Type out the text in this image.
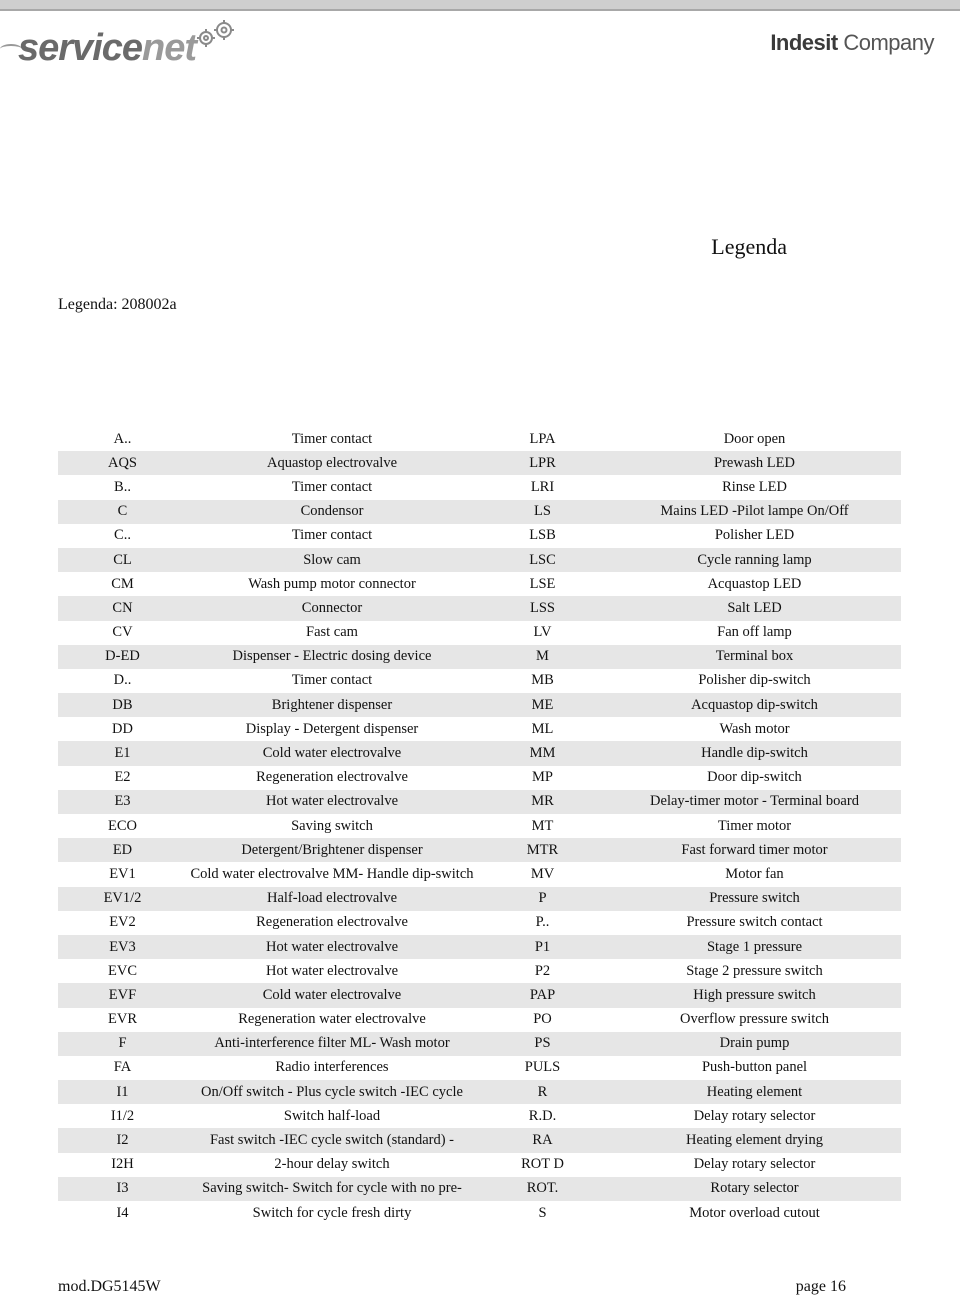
servicenet	Indesit Company
Legenda
Legenda: 208002a
A..	Timer contact	LPA	Door open
AQS	Aquastop electrovalve	LPR	Prewash LED
B..	Timer contact	LRI	Rinse LED
C	Condensor	LS	Mains LED -Pilot lampe On/Off
C..	Timer contact	LSB	Polisher LED
CL	Slow cam	LSC	Cycle ranning lamp
CM	Wash pump motor connector	LSE	Acquastop LED
CN	Connector	LSS	Salt LED
CV	Fast cam	LV	Fan off lamp
D-ED	Dispenser - Electric dosing device	M	Terminal box
D..	Timer contact	MB	Polisher dip-switch
DB	Brightener dispenser	ME	Acquastop dip-switch
DD	Display - Detergent dispenser	ML	Wash motor
E1	Cold water electrovalve	MM	Handle dip-switch
E2	Regeneration electrovalve	MP	Door dip-switch
E3	Hot water electrovalve	MR	Delay-timer motor - Terminal board
ECO	Saving switch	MT	Timer motor
ED	Detergent/Brightener dispenser	MTR	Fast forward timer motor
EV1	Cold water electrovalve MM- Handle dip-switch	MV	Motor fan
EV1/2	Half-load electrovalve	P	Pressure switch
EV2	Regeneration electrovalve	P..	Pressure switch contact
EV3	Hot water electrovalve	P1	Stage 1 pressure
EVC	Hot water electrovalve	P2	Stage 2 pressure switch
EVF	Cold water electrovalve	PAP	High pressure switch
EVR	Regeneration water electrovalve	PO	Overflow pressure switch
F	Anti-interference filter ML- Wash motor	PS	Drain pump
FA	Radio interferences	PULS	Push-button panel
I1	On/Off switch - Plus cycle switch -IEC cycle	R	Heating element
I1/2	Switch half-load	R.D.	Delay rotary selector
I2	Fast switch -IEC cycle switch (standard) -	RA	Heating element drying
I2H	2-hour delay switch	ROT D	Delay rotary selector
I3	Saving switch- Switch for cycle with no pre-	ROT.	Rotary selector
I4	Switch for cycle fresh dirty	S	Motor overload cutout
mod.DG5145W	page 16
